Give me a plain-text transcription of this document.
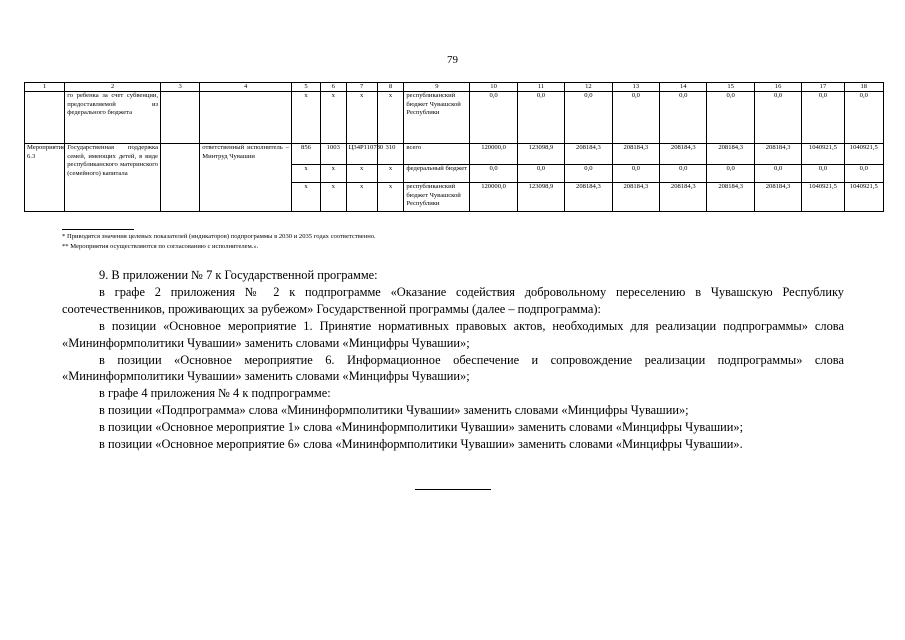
79
1	2	3	4	5	6	7	8	9	10	11	12	13	14	15	16	17	18
	го ребенка за счет субвенции, предоставляемой из федерального бюджета			х	х	х	х	республиканский бюджет Чувашской Республики	0,0	0,0	0,0	0,0	0,0	0,0	0,0	0,0	0,0
Мероприятие 6.3	Государственная поддержка семей, имеющих детей, в виде республиканского материнского (семейного) капитала		ответственный исполнитель – Минтруд Чувашии	856	1003	Ц34Р110780	310	всего	120000,0	123098,9	208184,3	208184,3	208184,3	208184,3	208184,3	1040921,5	1040921,5
				х	х	х	х	федеральный бюджет	0,0	0,0	0,0	0,0	0,0	0,0	0,0	0,0	0,0
				х	х	х	х	республиканский бюджет Чувашской Республики	120000,0	123098,9	208184,3	208184,3	208184,3	208184,3	208184,3	1040921,5	1040921,5
* Приводятся значения целевых показателей (индикаторов) подпрограммы в 2030 и 2035 годах соответственно.
** Мероприятия осуществляются по согласованию с исполнителем.».

9. В приложении № 7 к Государственной программе:

в графе 2 приложения № 2 к подпрограмме «Оказание содействия добровольному переселению в Чувашскую Республику соотечественников, проживающих за рубежом» Государственной программы (далее – подпрограмма):

в позиции «Основное мероприятие 1. Принятие нормативных правовых актов, необходимых для реализации подпрограммы» слова «Мининформполитики Чувашии» заменить словами «Минцифры Чувашии»;

в позиции «Основное мероприятие 6. Информационное обеспечение и сопровождение реализации подпрограммы» слова «Мининформполитики Чувашии» заменить словами «Минцифры Чувашии»;

в графе 4 приложения № 4 к подпрограмме:

в позиции «Подпрограмма» слова «Мининформполитики Чувашии» заменить словами «Минцифры Чувашии»;

в позиции «Основное мероприятие 1» слова «Мининформполитики Чувашии» заменить словами «Минцифры Чувашии»;

в позиции «Основное мероприятие 6» слова «Мининформполитики Чувашии» заменить словами «Минцифры Чувашии».
